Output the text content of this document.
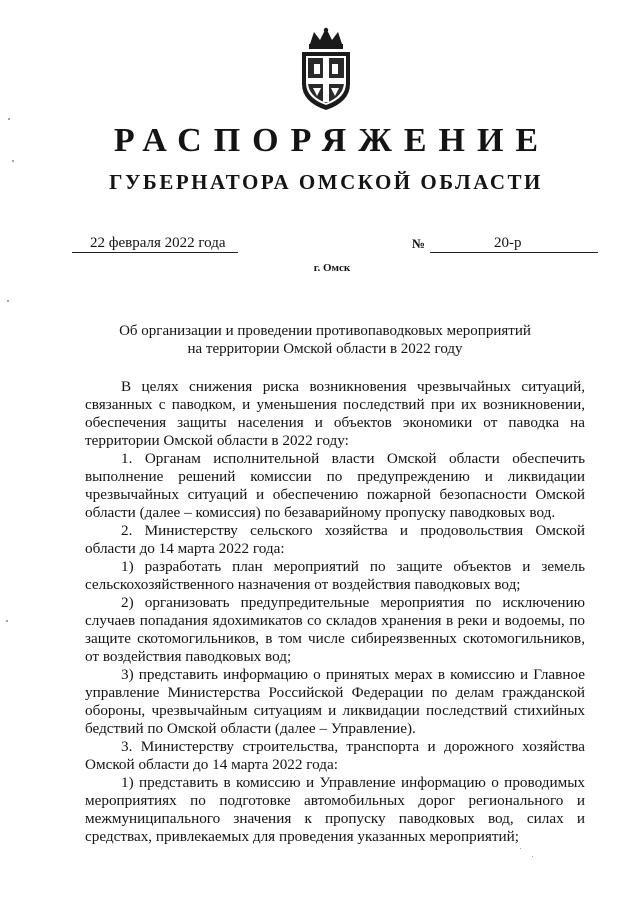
РАСПОРЯЖЕНИЕ
ГУБЕРНАТОРА ОМСКОЙ ОБЛАСТИ
22 февраля 2022 года	№	20-р
г. Омск
Об организации и проведении противопаводковых мероприятий
на территории Омской области в 2022 году

В целях снижения риска возникновения чрезвычайных ситуаций, связанных с паводком, и уменьшения последствий при их возникновении, обеспечения защиты населения и объектов экономики от паводка на территории Омской области в 2022 году:

1. Органам исполнительной власти Омской области обеспечить выполнение решений комиссии по предупреждению и ликвидации чрезвычайных ситуаций и обеспечению пожарной безопасности Омской области (далее – комиссия) по безаварийному пропуску паводковых вод.

2. Министерству сельского хозяйства и продовольствия Омской области до 14 марта 2022 года:

1) разработать план мероприятий по защите объектов и земель сельскохозяйственного назначения от воздействия паводковых вод;

2) организовать предупредительные мероприятия по исключению случаев попадания ядохимикатов со складов хранения в реки и водоемы, по защите скотомогильников, в том числе сибиреязвенных скотомогильников, от воздействия паводковых вод;

3) представить информацию о принятых мерах в комиссию и Главное управление Министерства Российской Федерации по делам гражданской обороны, чрезвычайным ситуациям и ликвидации последствий стихийных бедствий по Омской области (далее – Управление).

3. Министерству строительства, транспорта и дорожного хозяйства Омской области до 14 марта 2022 года:

1) представить в комиссию и Управление информацию о проводимых мероприятиях по подготовке автомобильных дорог регионального и межмуниципального значения к пропуску паводковых вод, силах и средствах, привлекаемых для проведения указанных мероприятий;
